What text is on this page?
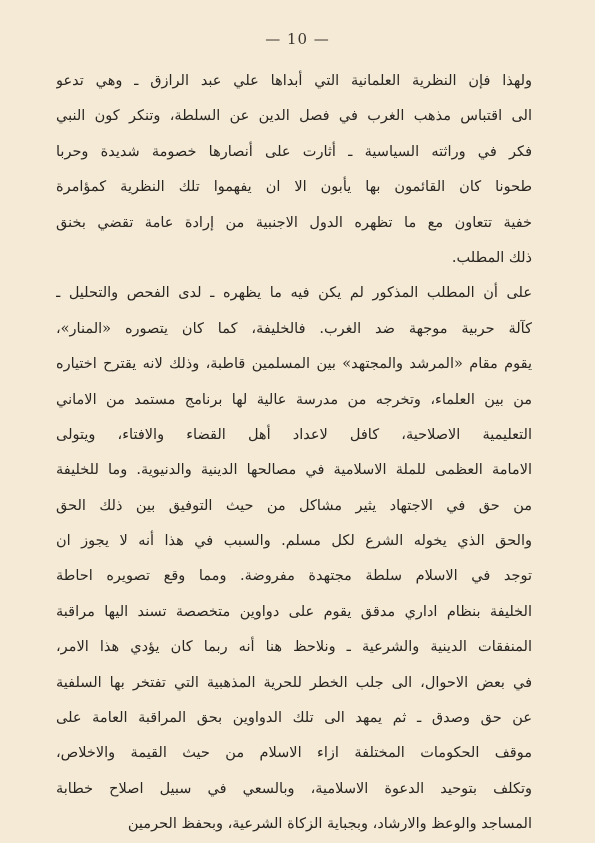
— 10 —
ولهذا فإن النظرية العلمانية التي أبداها علي عبد الرازق ـ وهي تدعو
الى اقتباس مذهب الغرب في فصل الدين عن السلطة، وتنكر كون النبي
فكر في وراثته السياسية ـ أثارت على أنصارها خصومة شديدة وحربا
طحونا كان القائمون بها يأبون الا ان يفهموا تلك النظرية كمؤامرة
خفية تتعاون مع ما تظهره الدول الاجنبية من إرادة عامة تقضي بخنق
ذلك المطلب.
على أن المطلب المذكور لم يكن فيه ما يظهره ـ لدى الفحص والتحليل ـ
كآلة حربية موجهة ضد الغرب. فالخليفة، كما كان يتصوره «المنار»،
يقوم مقام «المرشد والمجتهد» بين المسلمين قاطبة، وذلك لانه يقترح اختياره
من بين العلماء، وتخرجه من مدرسة عالية لها برنامج مستمد من الاماني
التعليمية الاصلاحية، كافل لاعداد أهل القضاء والافتاء، ويتولى
الامامة العظمى للملة الاسلامية في مصالحها الدينية والدنيوية. وما للخليفة
من حق في الاجتهاد يثير مشاكل من حيث التوفيق بين ذلك الحق
والحق الذي يخوله الشرع لكل مسلم. والسبب في هذا أنه لا يجوز ان
توجد في الاسلام سلطة مجتهدة مفروضة. ومما وقع تصويره احاطة
الخليفة بنظام اداري مدقق يقوم على دواوين متخصصة تسند اليها مراقبة
المنفقات الدينية والشرعية ـ ونلاحظ هنا أنه ربما كان يؤدي هذا الامر،
في بعض الاحوال، الى جلب الخطر للحرية المذهبية التي تفتخر بها السلفية
عن حق وصدق ـ ثم يمهد الى تلك الدواوين بحق المراقبة العامة على
موقف الحكومات المختلفة ازاء الاسلام من حيث القيمة والاخلاص،
وتكلف بتوحيد الدعوة الاسلامية، وبالسعي في سبيل اصلاح خطابة
المساجد والوعظ والارشاد، وبجباية الزكاة الشرعية، وبحفظ الحرمين
